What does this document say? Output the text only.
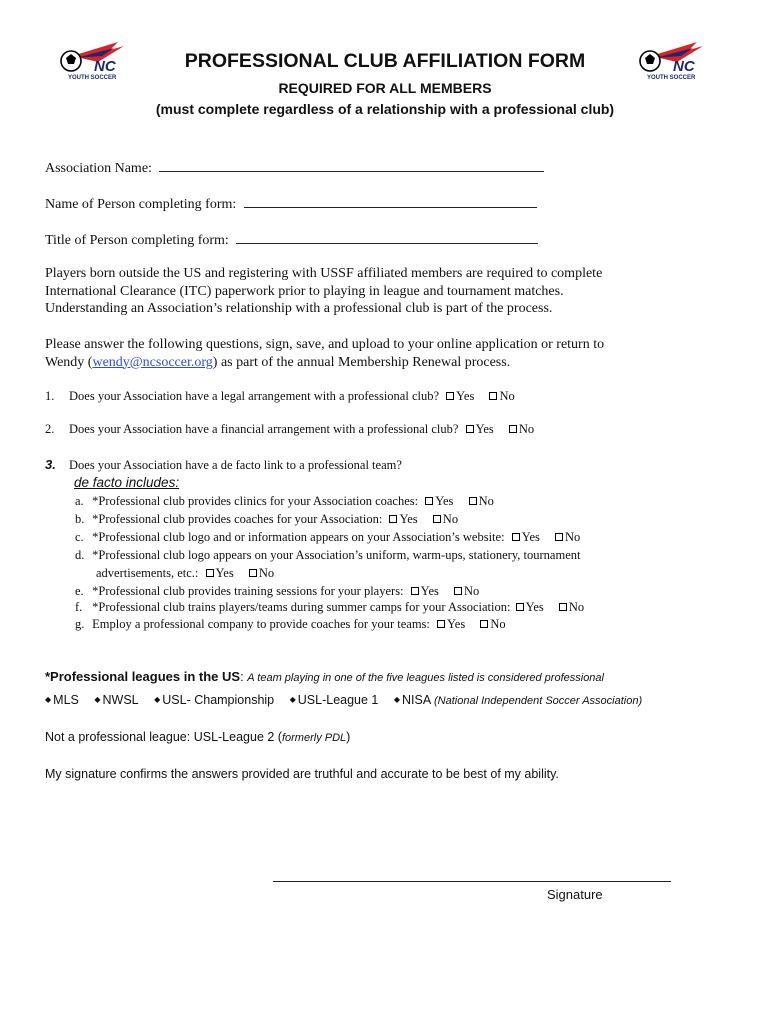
NC
YOUTH SOCCER
NC
YOUTH SOCCER
PROFESSIONAL CLUB AFFILIATION FORM
REQUIRED FOR ALL MEMBERS
(must complete regardless of a relationship with a professional club)
Association Name:
Name of Person completing form:
Title of Person completing form:
Players born outside the US and registering with USSF affiliated members are required to complete
International Clearance (ITC) paperwork prior to playing in league and tournament matches.
Understanding an Association’s relationship with a professional club is part of the process.
Please answer the following questions, sign, save, and upload to your online application or return to
Wendy (wendy@ncsoccer.org) as part of the annual Membership Renewal process.
1. Does your Association have a legal arrangement with a professional club? Yes No
2. Does your Association have a financial arrangement with a professional club? Yes No
3. Does your Association have a de facto link to a professional team?
de facto includes:
a. *Professional club provides clinics for your Association coaches: Yes No
b. *Professional club provides coaches for your Association: Yes No
c. *Professional club logo and or information appears on your Association’s website: Yes No
d. *Professional club logo appears on your Association’s uniform, warm-ups, stationery, tournament
advertisements, etc.: Yes No
e. *Professional club provides training sessions for your players: Yes No
f. *Professional club trains players/teams during summer camps for your Association: Yes No
g. Employ a professional company to provide coaches for your teams: Yes No
*Professional leagues in the US: A team playing in one of the five leagues listed is considered professional
◆ MLS ◆ NWSL ◆ USL- Championship ◆ USL-League 1 ◆ NISA (National Independent Soccer Association)
Not a professional league: USL-League 2 (formerly PDL)
My signature confirms the answers provided are truthful and accurate to be best of my ability.
Signature
